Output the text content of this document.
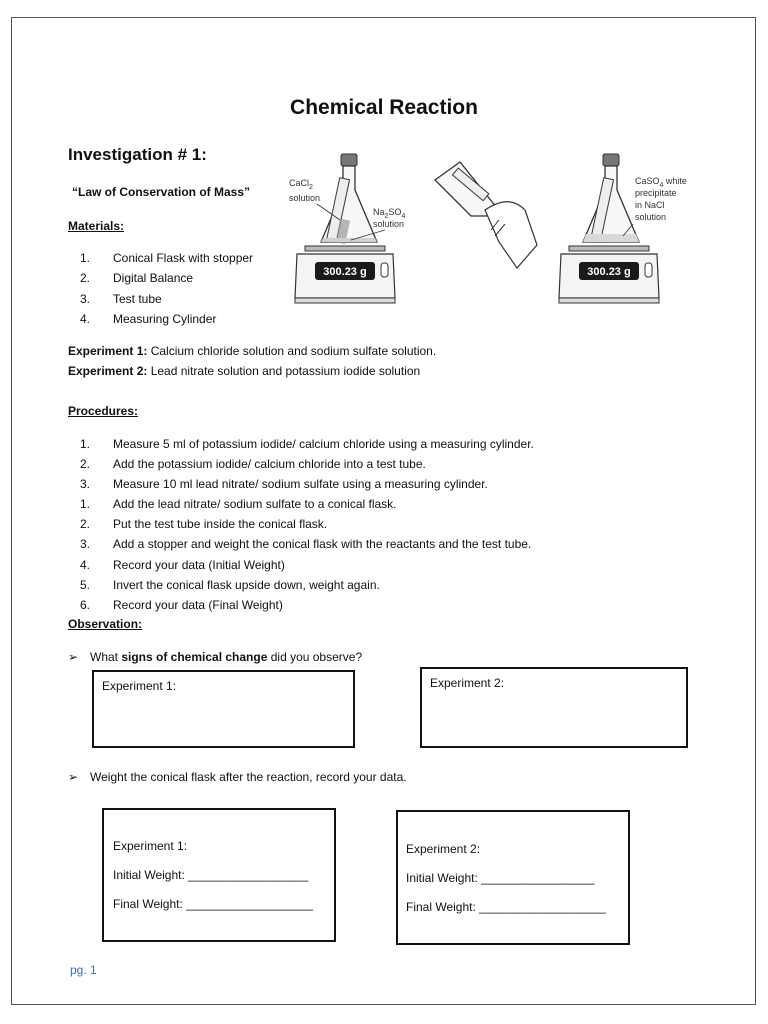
Chemical Reaction
Investigation # 1:
“Law of Conservation of Mass”
Materials:
1. Conical Flask with stopper
2. Digital Balance
3. Test tube
4. Measuring Cylinder
300.23 g
CaCl$_2$
solution
$Na_2SO_4$
solution
300.23 g
CaSO$_4$ white
precipitate
in NaCl
solution
Experiment 1: Calcium chloride solution and sodium sulfate solution.
Experiment 2: Lead nitrate solution and potassium iodide solution
Procedures:
1. Measure 5 ml of potassium iodide/ calcium chloride using a measuring cylinder.
2. Add the potassium iodide/ calcium chloride into a test tube.
3. Measure 10 ml lead nitrate/ sodium sulfate using a measuring cylinder.
1. Add the lead nitrate/ sodium sulfate to a conical flask.
2. Put the test tube inside the conical flask.
3. Add a stopper and weight the conical flask with the reactants and the test tube.
4. Record your data (Initial Weight)
5. Invert the conical flask upside down, weight again.
6. Record your data (Final Weight)
Observation:
➢ What signs of chemical change did you observe?
Experiment 1:	Experiment 2:
➢ Weight the conical flask after the reaction, record your data.
Experiment 1:
Initial Weight: __________________
Final Weight: ___________________
Experiment 2:
Initial Weight: _________________
Final Weight: ___________________
pg. 1
